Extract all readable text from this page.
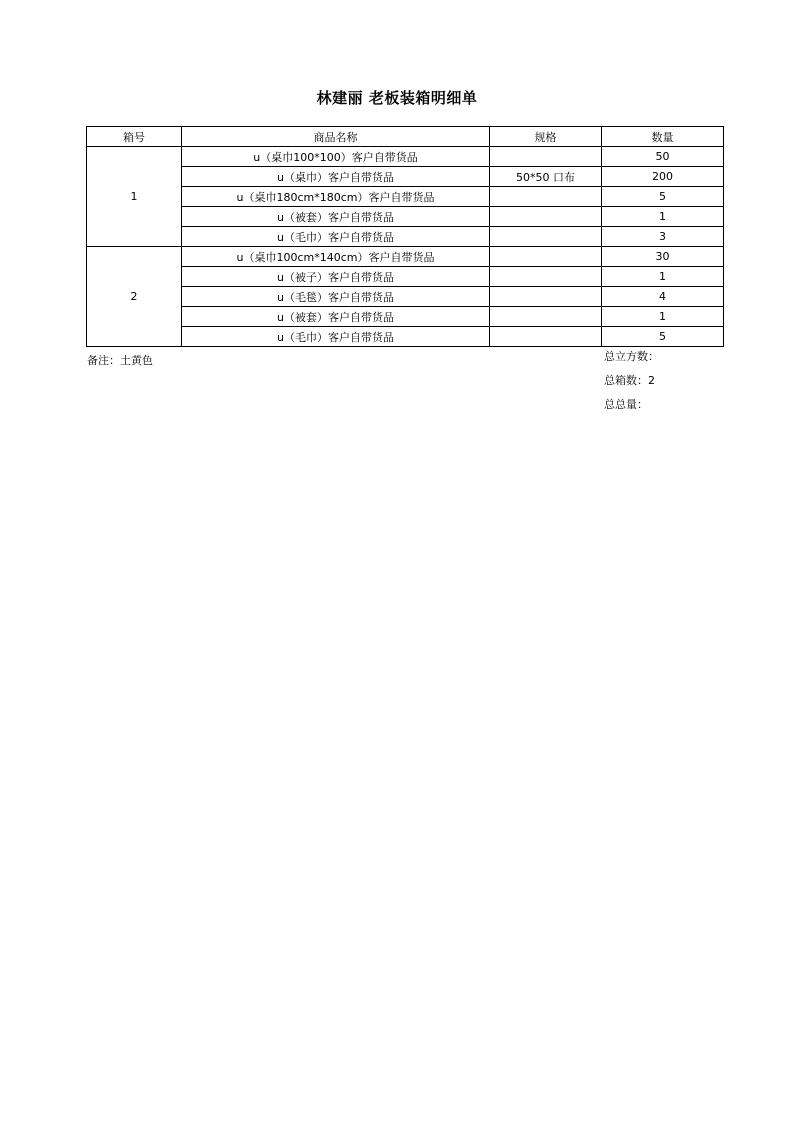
林建丽 老板装箱明细单
箱号	商品名称	规格	数量
1	u（桌巾100*100）客户自带货品		50
	u（桌巾）客户自带货品	50*50 口布	200
	u（桌巾180cm*180cm）客户自带货品		5
	u（被套）客户自带货品		1
	u（毛巾）客户自带货品		3
2	u（桌巾100cm*140cm）客户自带货品		30
	u（被子）客户自带货品		1
	u（毛毯）客户自带货品		4
	u（被套）客户自带货品		1
	u（毛巾）客户自带货品		5
备注：土黄色	总立方数：
总箱数：2
总总量：
